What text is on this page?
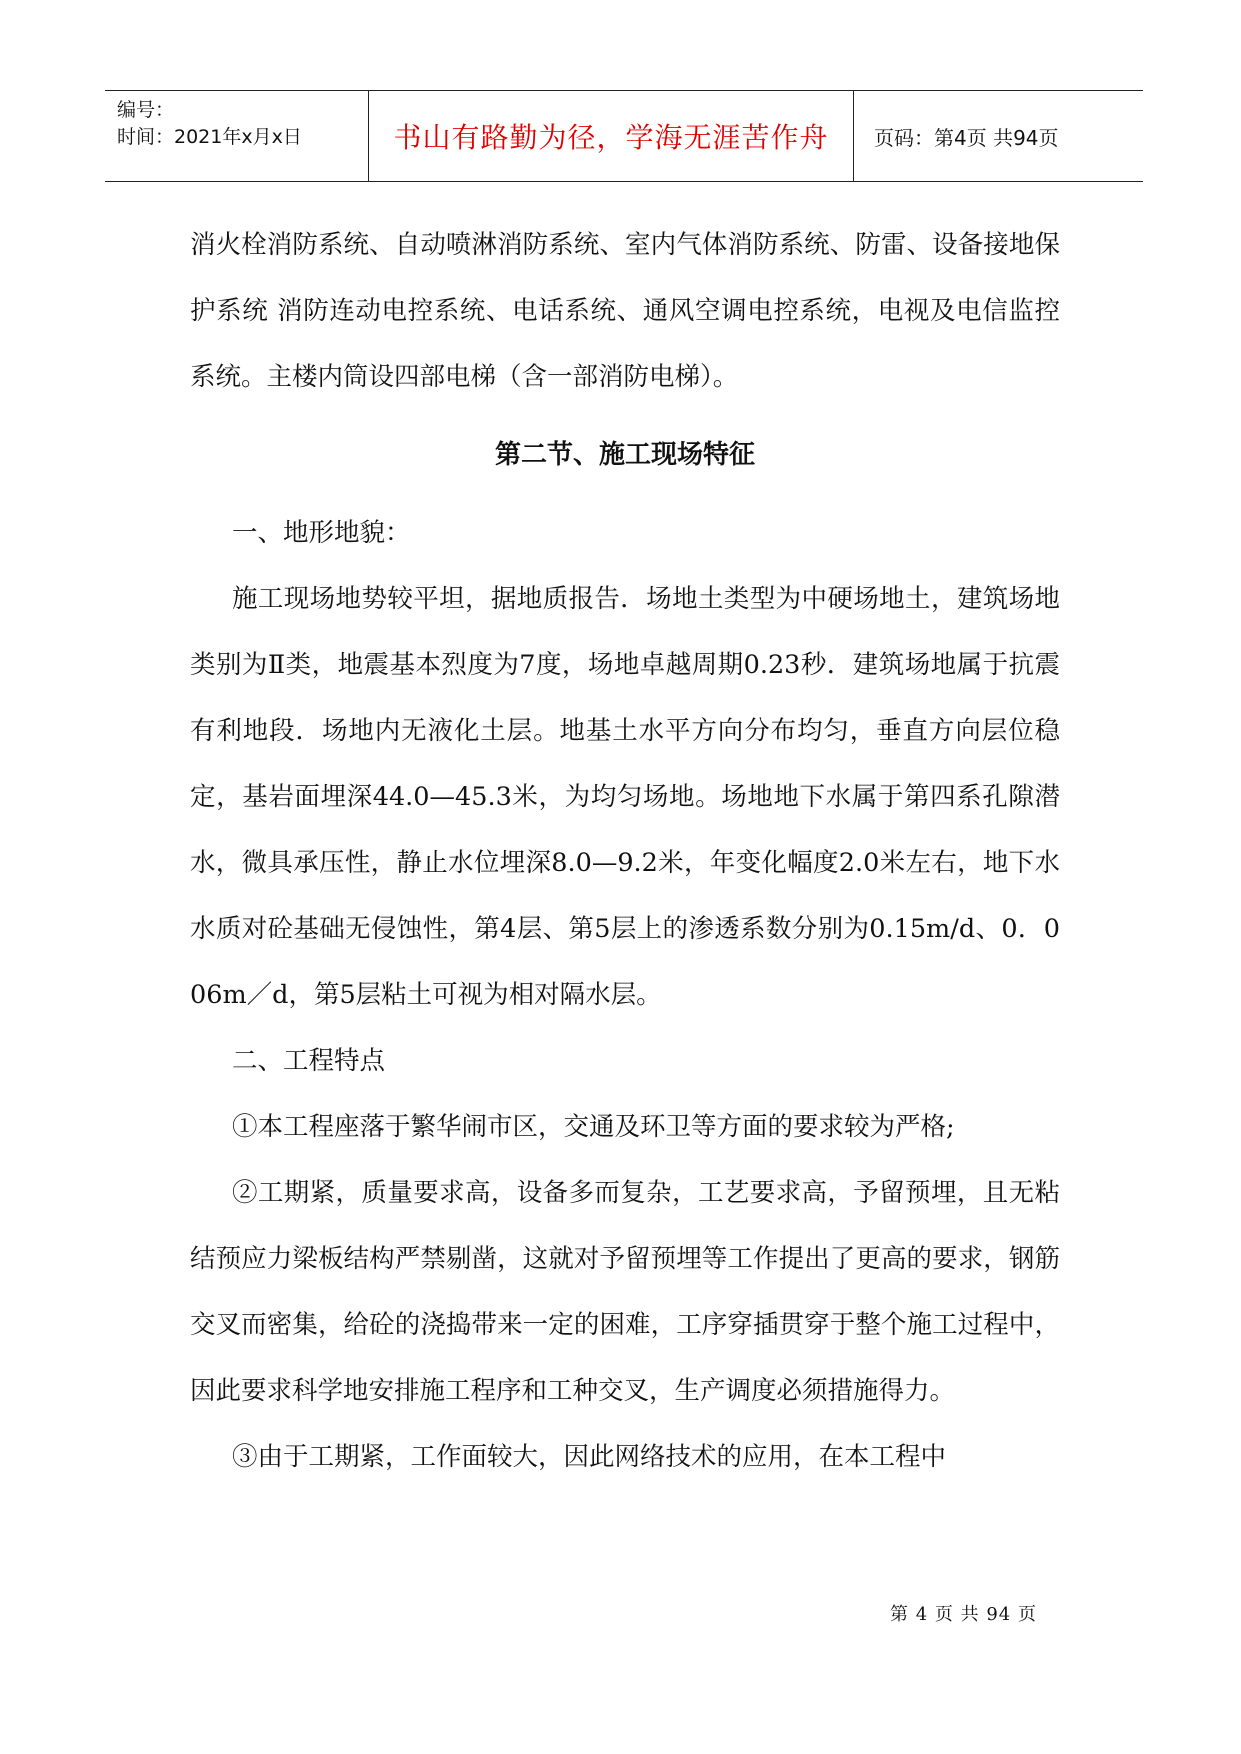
编号：
时间：2021年x月x日	书山有路勤为径，学海无涯苦作舟	页码：第4页 共94页

消火栓消防系统、自动喷淋消防系统、室内气体消防系统、防雷、设备接地保护系统 消防连动电控系统、电话系统、通风空调电控系统，电视及电信监控系统。主楼内筒设四部电梯（含一部消防电梯）。

第二节、施工现场特征

一、地形地貌：

施工现场地势较平坦，据地质报告．场地土类型为中硬场地土，建筑场地类别为Ⅱ类，地震基本烈度为7度，场地卓越周期0.23秒．建筑场地属于抗震有利地段．场地内无液化土层。地基土水平方向分布均匀，垂直方向层位稳定，基岩面埋深44.0—45.3米，为均匀场地。场地地下水属于第四系孔隙潜水，微具承压性，静止水位埋深8.0—9.2米，年变化幅度2.0米左右，地下水水质对砼基础无侵蚀性，第4层、第5层上的渗透系数分别为0.15m/d、0．006m／d，第5层粘土可视为相对隔水层。

二、工程特点

①本工程座落于繁华闹市区，交通及环卫等方面的要求较为严格;

②工期紧，质量要求高，设备多而复杂，工艺要求高，予留预埋，且无粘结预应力梁板结构严禁剔凿，这就对予留预埋等工作提出了更高的要求，钢筋交叉而密集，给砼的浇捣带来一定的困难，工序穿插贯穿于整个施工过程中，因此要求科学地安排施工程序和工种交叉，生产调度必须措施得力。

③由于工期紧，工作面较大，因此网络技术的应用，在本工程中

第 4 页 共 94 页
